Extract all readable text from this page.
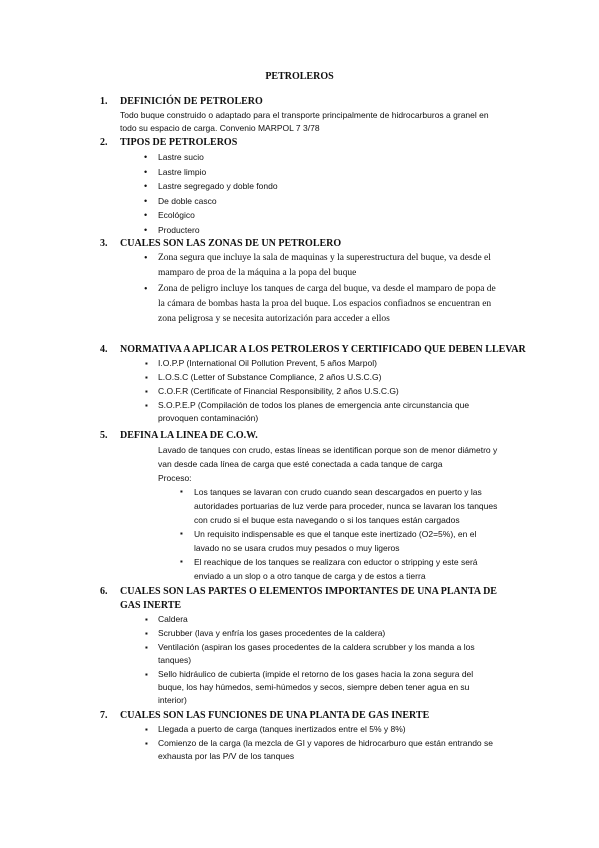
PETROLEROS
1. DEFINICIÓN DE PETROLERO
Todo buque construido o adaptado para el transporte principalmente de hidrocarburos a granel en todo su espacio de carga. Convenio MARPOL 7 3/78
2. TIPOS DE PETROLEROS
• Lastre sucio
• Lastre limpio
• Lastre segregado y doble fondo
• De doble casco
• Ecológico
• Productero
3. CUALES SON LAS ZONAS DE UN PETROLERO
• Zona segura que incluye la sala de maquinas y la superestructura del buque, va desde el mamparo de proa de la máquina a la popa del buque
• Zona de peligro incluye los tanques de carga del buque, va desde el mamparo de popa de la cámara de bombas hasta la proa del buque. Los espacios confiadnos se encuentran en zona peligrosa y se necesita autorización para acceder a ellos
4. NORMATIVA A APLICAR A LOS PETROLEROS Y CERTIFICADO QUE DEBEN LLEVAR
▪ I.O.P.P (International Oil Pollution Prevent, 5 años Marpol)
▪ L.O.S.C (Letter of Substance Compliance, 2 años U.S.C.G)
▪ C.O.F.R (Certificate of Financial Responsibility, 2 años U.S.C.G)
▪ S.O.P.E.P (Compilación de todos los planes de emergencia ante circunstancia que provoquen contaminación)
5. DEFINA LA LINEA DE C.O.W.
Lavado de tanques con crudo, estas líneas se identifican porque son de menor diámetro y van desde cada línea de carga que esté conectada a cada tanque de carga
Proceso:
▪ Los tanques se lavaran con crudo cuando sean descargados en puerto y las autoridades portuarias de luz verde para proceder, nunca se lavaran los tanques con crudo si el buque esta navegando o si los tanques están cargados
▪ Un requisito indispensable es que el tanque este inertizado (O2=5%), en el lavado no se usara crudos muy pesados o muy ligeros
▪ El reachique de los tanques se realizara con eductor o stripping y este será enviado a un slop o a otro tanque de carga y de estos a tierra
6. CUALES SON LAS PARTES O ELEMENTOS IMPORTANTES DE UNA PLANTA DE GAS INERTE
▪ Caldera
▪ Scrubber (lava y enfría los gases procedentes de la caldera)
▪ Ventilación (aspiran los gases procedentes de la caldera scrubber y los manda a los tanques)
▪ Sello hidráulico de cubierta (impide el retorno de los gases hacia la zona segura del buque, los hay húmedos, semi-húmedos y secos, siempre deben tener agua en su interior)
7. CUALES SON LAS FUNCIONES DE UNA PLANTA DE GAS INERTE
▪ Llegada a puerto de carga (tanques inertizados entre el 5% y 8%)
▪ Comienzo de la carga (la mezcla de GI y vapores de hidrocarburo que están entrando se exhausta por las P/V de los tanques
